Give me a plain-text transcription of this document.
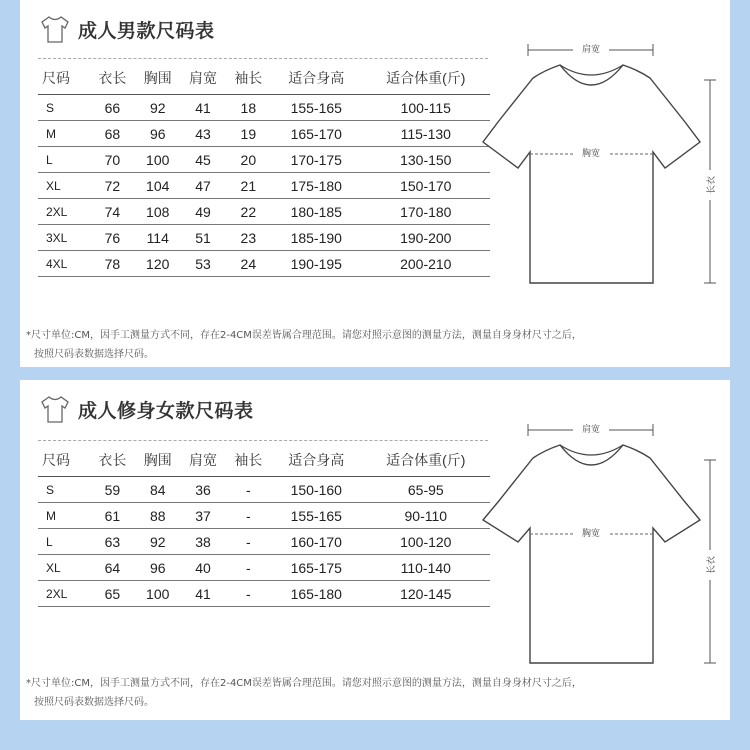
成人男款尺码表
尺码	衣长	胸围	肩宽	袖长	适合身高	适合体重(斤)
S	66	92	41	18	155-165	100-115
M	68	96	43	19	165-170	115-130
L	70	100	45	20	170-175	130-150
XL	72	104	47	21	175-180	150-170
2XL	74	108	49	22	180-185	170-180
3XL	76	114	51	23	185-190	190-200
4XL	78	120	53	24	190-195	200-210
*尺寸单位:CM，因手工测量方式不同，存在2-4CM误差皆属合理范围。请您对照示意图的测量方法，测量自身身材尺寸之后，
按照尺码表数据选择尺码。
肩宽
胸宽
长衣
成人修身女款尺码表
尺码	衣长	胸围	肩宽	袖长	适合身高	适合体重(斤)
S	59	84	36	-	150-160	65-95
M	61	88	37	-	155-165	90-110
L	63	92	38	-	160-170	100-120
XL	64	96	40	-	165-175	110-140
2XL	65	100	41	-	165-180	120-145
*尺寸单位:CM，因手工测量方式不同，存在2-4CM误差皆属合理范围。请您对照示意图的测量方法，测量自身身材尺寸之后，
按照尺码表数据选择尺码。
肩宽
胸宽
长衣
